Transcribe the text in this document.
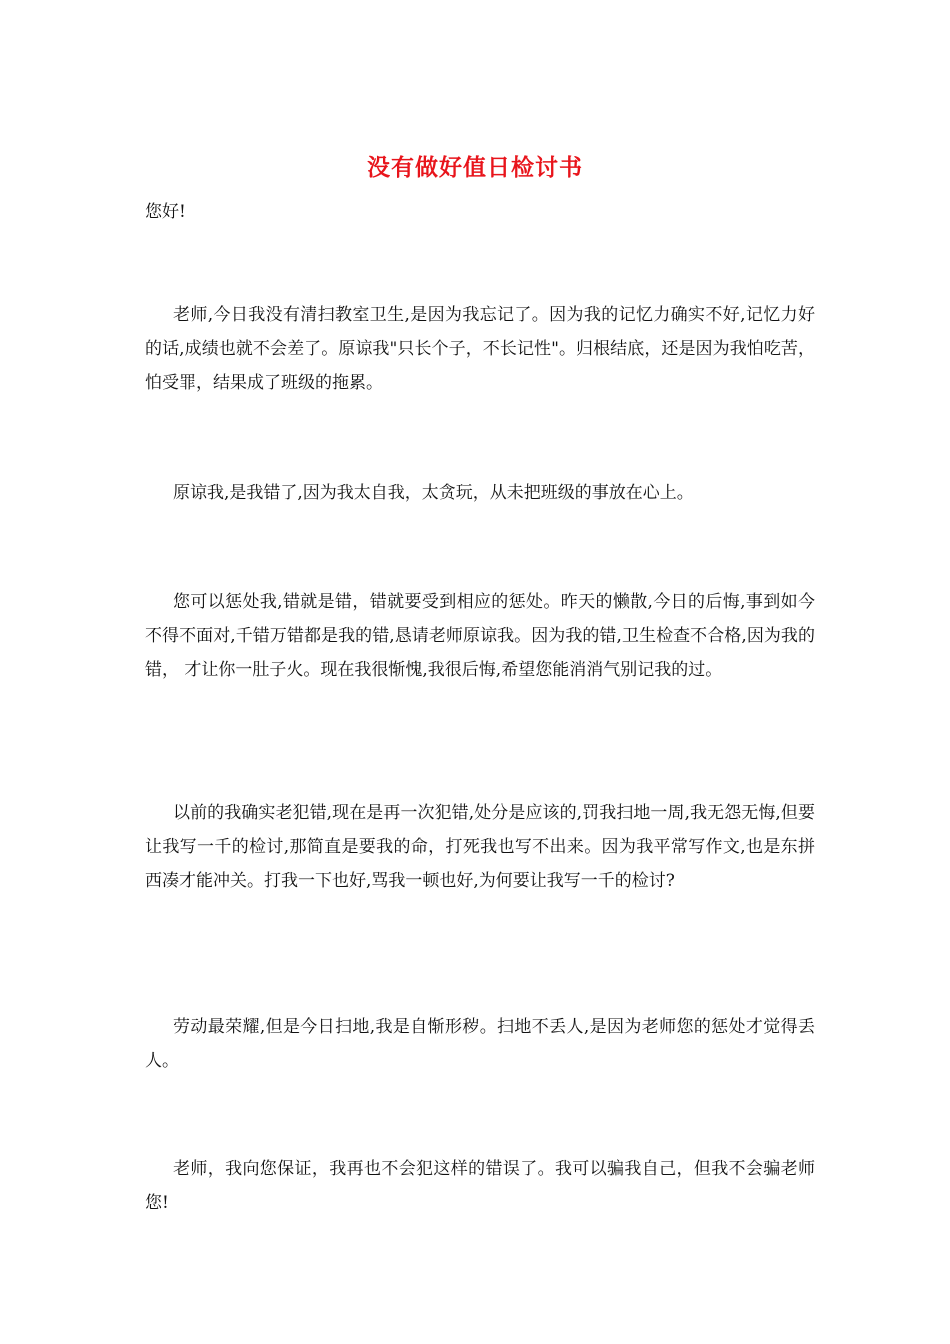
没有做好值日检讨书
您好!

老师,今日我没有清扫教室卫生,是因为我忘记了。因为我的记忆力确实不好,记忆力好的话,成绩也就不会差了。原谅我"只长个子，不长记性"。归根结底，还是因为我怕吃苦，怕受罪，结果成了班级的拖累。

原谅我,是我错了,因为我太自我，太贪玩，从未把班级的事放在心上。

您可以惩处我,错就是错，错就要受到相应的惩处。昨天的懒散,今日的后悔,事到如今不得不面对,千错万错都是我的错,恳请老师原谅我。因为我的错,卫生检查不合格,因为我的错， 才让你一肚子火。现在我很惭愧,我很后悔,希望您能消消气别记我的过。

以前的我确实老犯错,现在是再一次犯错,处分是应该的,罚我扫地一周,我无怨无悔,但要让我写一千的检讨,那简直是要我的命，打死我也写不出来。因为我平常写作文,也是东拼西凑才能冲关。打我一下也好,骂我一顿也好,为何要让我写一千的检讨?

劳动最荣耀,但是今日扫地,我是自惭形秽。扫地不丢人,是因为老师您的惩处才觉得丢人。

老师，我向您保证，我再也不会犯这样的错误了。我可以骗我自己，但我不会骗老师您!
